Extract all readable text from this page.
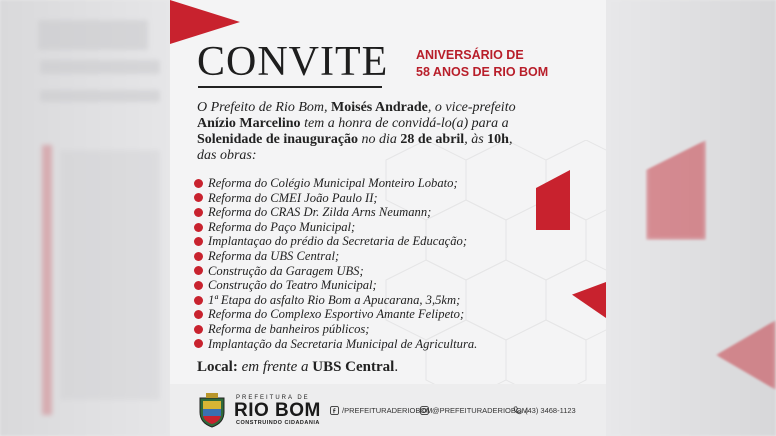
CONVITE ANIVERSÁRIO DE
58 ANOS DE RIO BOM
O Prefeito de Rio Bom, Moisés Andrade, o vice-prefeito
Anízio Marcelino tem a honra de convidá-lo(a) para a
Solenidade de inauguração no dia 28 de abril, às 10h,
das obras:
Reforma do Colégio Municipal Monteiro Lobato;
Reforma do CMEI João Paulo II;
Reforma do CRAS Dr. Zilda Arns Neumann;
Reforma do Paço Municipal;
Implantaçao do prédio da Secretaria de Educação;
Reforma da UBS Central;
Construção da Garagem UBS;
Construção do Teatro Municipal;
1ª Etapa do asfalto Rio Bom a Apucarana, 3,5km;
Reforma do Complexo Esportivo Amante Felipeto;
Reforma de banheiros públicos;
Implantação da Secretaria Municipal de Agricultura.
Local: em frente a UBS Central.
PREFEITURA DE
RIO BOM
CONSTRUINDO CIDADANIA
/PREFEITURADERIOBOM @PREFEITURADERIOBOM
(43) 3468-1123
